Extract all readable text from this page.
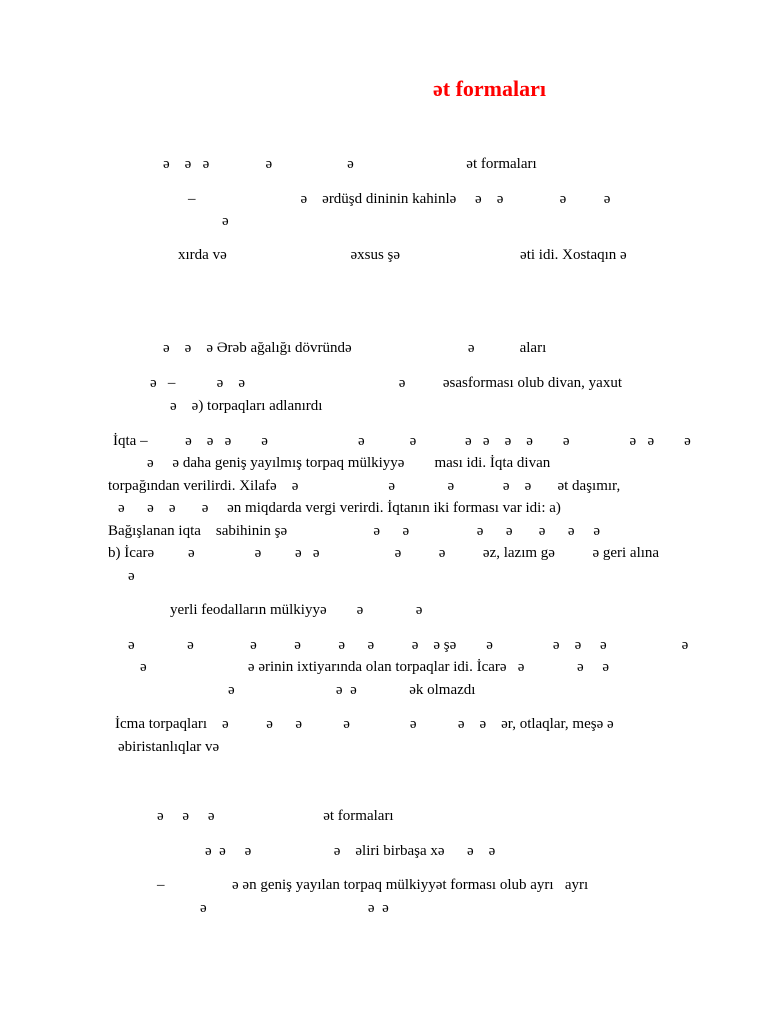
ət formaları
ə    ə   ə               ə                    ə                              ət formaları
–                            ə    ərdüşd dininin kahinlə     ə    ə               ə          ə
ə
xırda və                                 əxsus şə                                əti idi. Xostaqın ə
ə    ə    ə Ərəb ağalığı dövründə                               ə            aları
ə   –           ə    ə                                         ə          əsasforması olub divan, yaxut
ə    ə) torpaqları adlanırdı
İqta –          ə    ə   ə        ə                        ə            ə             ə   ə    ə    ə        ə                ə   ə        ə
ə     ə daha geniş yayılmış torpaq mülkiyyə        ması idi. İqta divan
torpağından verilirdi. Xilafə    ə                        ə              ə             ə    ə       ət daşımır,
ə      ə    ə       ə     ən miqdarda vergi verirdi. İqtanın iki forması var idi: a)
Bağışlanan iqta    sabihinin şə                       ə      ə                  ə      ə       ə      ə     ə
b) İcarə         ə                ə         ə   ə                    ə          ə          əz, lazım gə          ə geri alına
ə
yerli feodalların mülkiyyə        ə              ə
ə              ə               ə          ə          ə      ə          ə    ə şə        ə                ə    ə     ə                    ə
ə                           ə ərinin ixtiyarında olan torpaqlar idi. İcarə   ə              ə     ə
ə                           ə  ə              ək olmazdı
İcma torpaqları    ə          ə      ə           ə                ə           ə    ə    ər, otlaqlar, meşə ə
əbiristanlıqlar və
ə     ə     ə                             ət formaları
ə  ə     ə                      ə    əliri birbaşa xə      ə    ə
–                  ə ən geniş yayılan torpaq mülkiyyət forması olub ayrı   ayrı
ə                                           ə  ə
